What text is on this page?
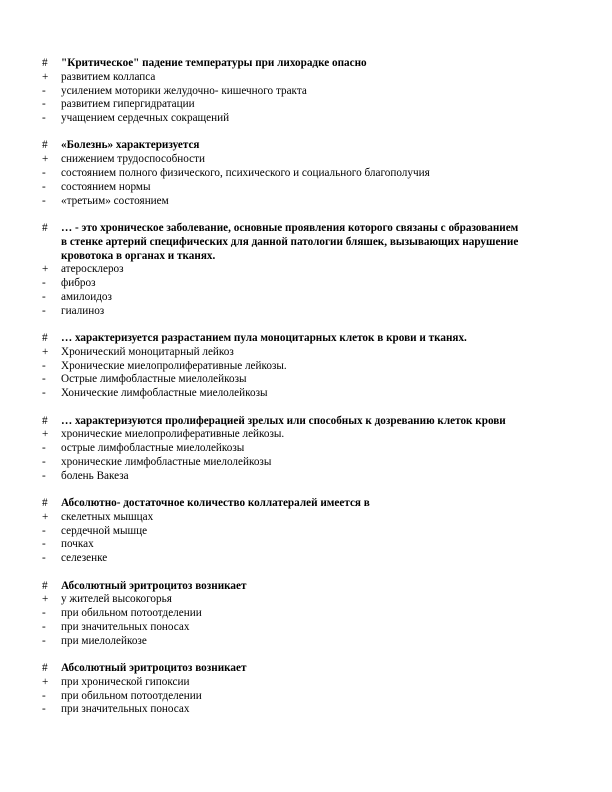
#	"Критическое" падение температуры при лихорадке опасно
+	развитием коллапса
-	усилением моторики желудочно- кишечного тракта
-	развитием гипергидратации
-	учащением сердечных сокращений
#	«Болезнь» характеризуется
+	снижением трудоспособности
-	состоянием полного физического, психического и социального благополучия
-	состоянием нормы
-	«третьим» состоянием
#	… - это хроническое заболевание, основные проявления которого связаны с образованием в стенке артерий специфических для данной патологии бляшек, вызывающих нарушение кровотока в органах и тканях.
+	атеросклероз
-	фиброз
-	амилоидоз
-	гиалиноз
#	… характеризуется разрастанием пула моноцитарных клеток в крови и тканях.
+	Хронический моноцитарный лейкоз
-	Хронические миелопролиферативные лейкозы.
-	Острые лимфобластные миелолейкозы
-	Хонические лимфобластные миелолейкозы
#	… характеризуются пролиферацией зрелых или способных к дозреванию клеток крови
+	хронические миелопролиферативные лейкозы.
-	острые лимфобластные миелолейкозы
-	хронические лимфобластные миелолейкозы
-	болень Вакеза
#	Абсолютно- достаточное количество коллатералей имеется в
+	скелетных мышцах
-	сердечной мышце
-	почках
-	селезенке
#	Абсолютный эритроцитоз возникает
+	у жителей высокогорья
-	при обильном потоотделении
-	при значительных поносах
-	при миелолейкозе
#	Абсолютный эритроцитоз возникает
+	при хронической гипоксии
-	при обильном потоотделении
-	при значительных поносах
